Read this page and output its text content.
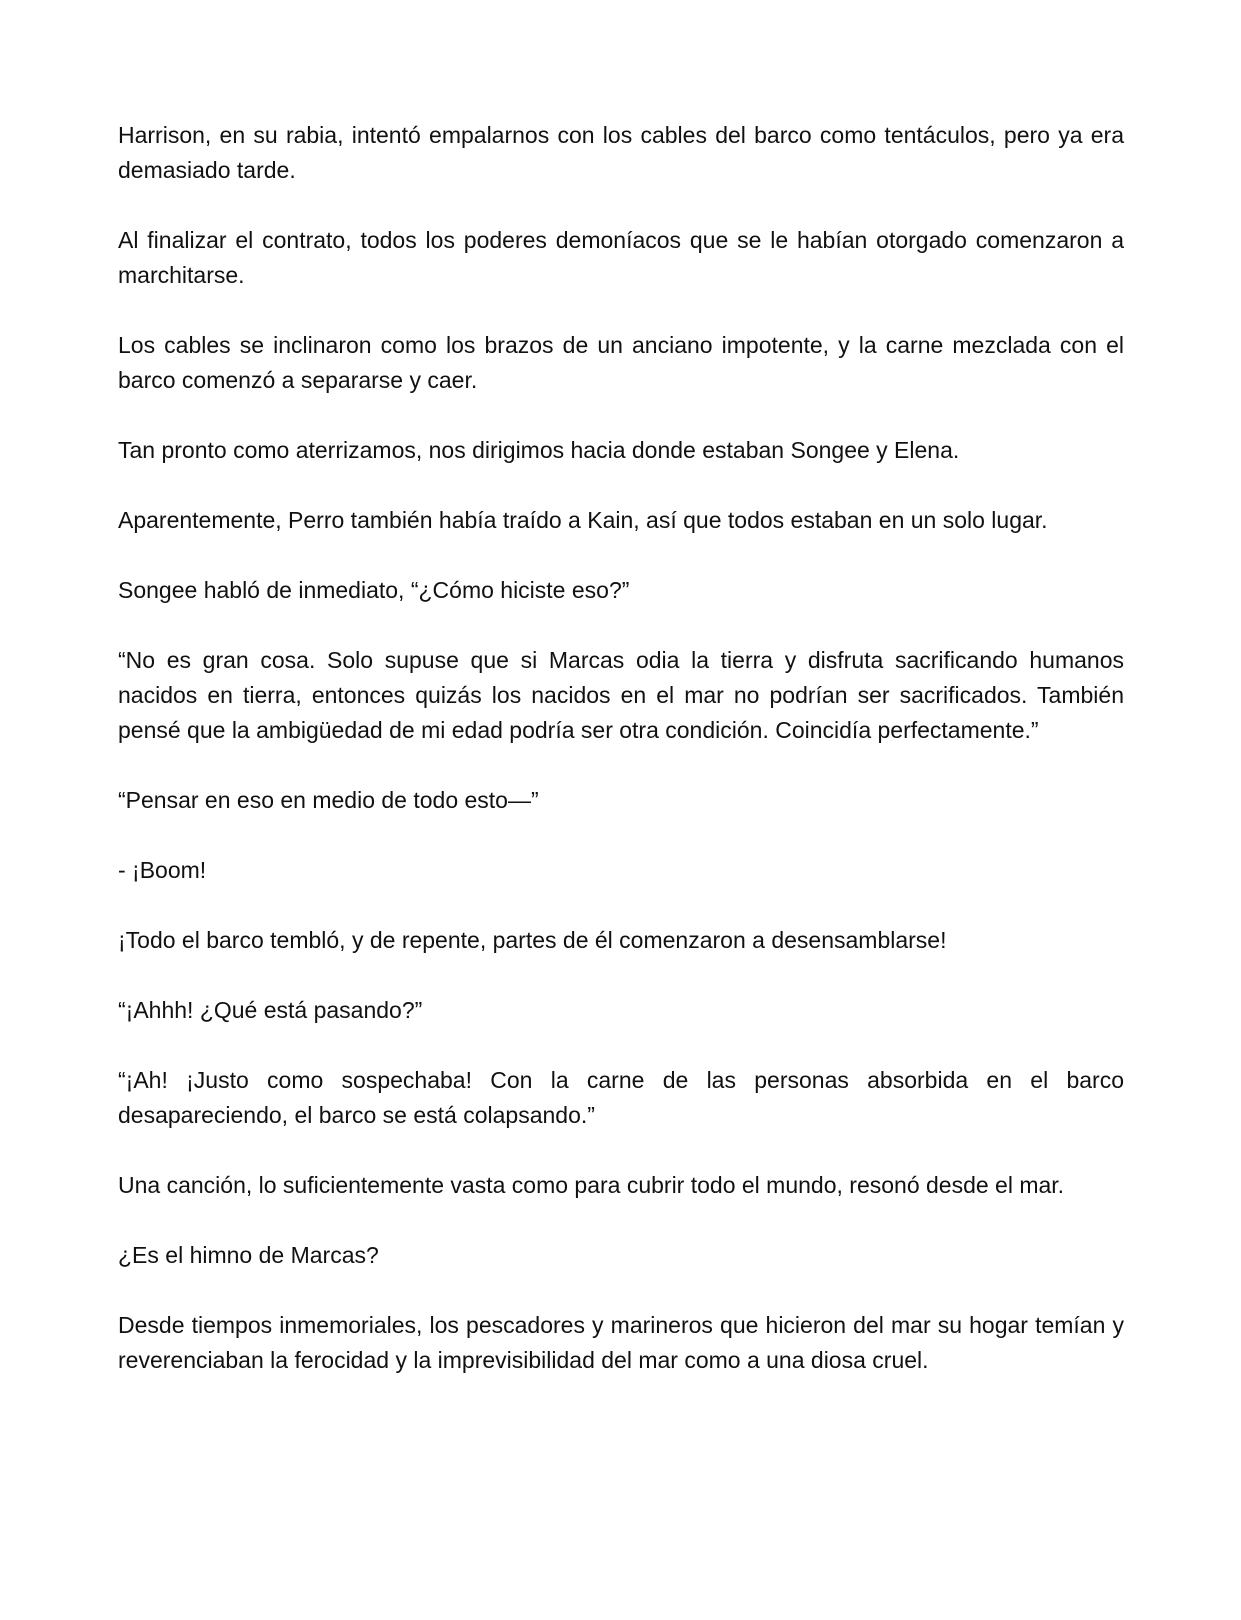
Harrison, en su rabia, intentó empalarnos con los cables del barco como tentáculos, pero ya era demasiado tarde.

Al finalizar el contrato, todos los poderes demoníacos que se le habían otorgado comenzaron a marchitarse.

Los cables se inclinaron como los brazos de un anciano impotente, y la carne mezclada con el barco comenzó a separarse y caer.

Tan pronto como aterrizamos, nos dirigimos hacia donde estaban Songee y Elena.

Aparentemente, Perro también había traído a Kain, así que todos estaban en un solo lugar.

Songee habló de inmediato, “¿Cómo hiciste eso?”

“No es gran cosa. Solo supuse que si Marcas odia la tierra y disfruta sacrificando humanos nacidos en tierra, entonces quizás los nacidos en el mar no podrían ser sacrificados. También pensé que la ambigüedad de mi edad podría ser otra condición. Coincidía perfectamente.”

“Pensar en eso en medio de todo esto—”

- ¡Boom!

¡Todo el barco tembló, y de repente, partes de él comenzaron a desensamblarse!

“¡Ahhh! ¿Qué está pasando?”

“¡Ah! ¡Justo como sospechaba! Con la carne de las personas absorbida en el barco desapareciendo, el barco se está colapsando.”

Una canción, lo suficientemente vasta como para cubrir todo el mundo, resonó desde el mar.

¿Es el himno de Marcas?

Desde tiempos inmemoriales, los pescadores y marineros que hicieron del mar su hogar temían y reverenciaban la ferocidad y la imprevisibilidad del mar como a una diosa cruel.
